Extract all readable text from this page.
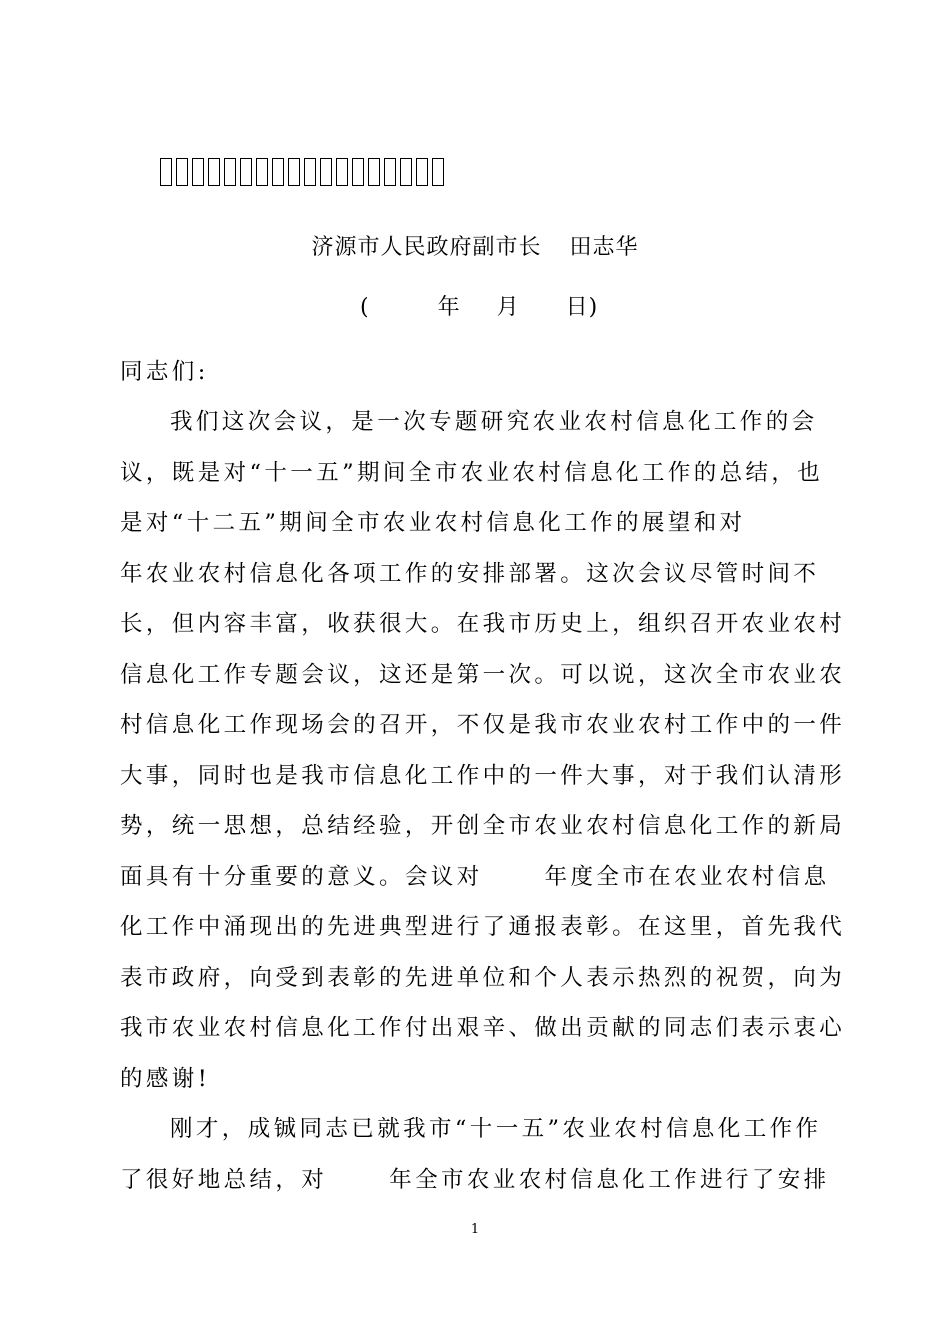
济源市人民政府副市长 田志华
(	年 月 日)
同志们:
我们这次会议，是一次专题研究农业农村信息化工作的会
议，既是对“十一五”期间全市农业农村信息化工作的总结，也
是对“十二五”期间全市农业农村信息化工作的展望和对
年农业农村信息化各项工作的安排部署。这次会议尽管时间不
长，但内容丰富，收获很大。在我市历史上，组织召开农业农村
信息化工作专题会议，这还是第一次。可以说，这次全市农业农
村信息化工作现场会的召开，不仅是我市农业农村工作中的一件
大事，同时也是我市信息化工作中的一件大事，对于我们认清形
势，统一思想，总结经验，开创全市农业农村信息化工作的新局
面具有十分重要的意义。会议对	年度全市在农业农村信息
化工作中涌现出的先进典型进行了通报表彰。在这里，首先我代
表市政府，向受到表彰的先进单位和个人表示热烈的祝贺，向为
我市农业农村信息化工作付出艰辛、做出贡献的同志们表示衷心
的感谢!
刚才，成铖同志已就我市“十一五”农业农村信息化工作作
了很好地总结，对	年全市农业农村信息化工作进行了安排
1
